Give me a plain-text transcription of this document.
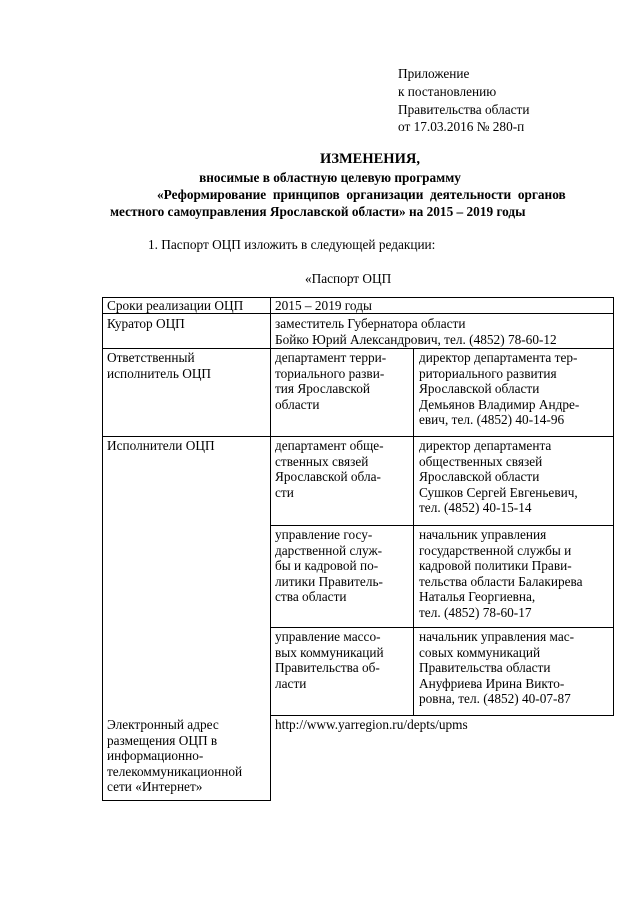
Приложение
к постановлению
Правительства области
от 17.03.2016 № 280-п
ИЗМЕНЕНИЯ,
вносимые в областную целевую программу
«Реформирование  принципов  организации  деятельности  органов
местного самоуправления Ярославской области» на 2015 – 2019 годы
1. Паспорт ОЦП изложить в следующей редакции:
«Паспорт ОЦП
Сроки реализации ОЦП 2015 – 2019 годы
Куратор ОЦП	заместитель Губернатора области
Бойко Юрий Александрович, тел. (4852) 78-60-12
Ответственный
исполнитель ОЦП
департамент терри-
ториального разви-
тия Ярославской
области
директор департамента тер-
риториального развития
Ярославской области
Демьянов Владимир Андре-
евич, тел. (4852) 40-14-96
Исполнители ОЦП	департамент обще-
ственных связей
Ярославской обла-
сти
директор департамента
общественных связей
Ярославской области
Сушков Сергей Евгеньевич,
тел. (4852) 40-15-14
управление госу-
дарственной служ-
бы и кадровой по-
литики Правитель-
ства области
начальник управления
государственной службы и
кадровой политики Прави-
тельства области Балакирева
Наталья Георгиевна,
тел. (4852) 78-60-17
управление массо-
вых коммуникаций
Правительства об-
ласти
начальник управления мас-
совых коммуникаций
Правительства области
Ануфриева Ирина Викто-
ровна, тел. (4852) 40-07-87
Электронный адрес
размещения ОЦП в
информационно-
телекоммуникационной
сети «Интернет»
http://www.yarregion.ru/depts/upms
